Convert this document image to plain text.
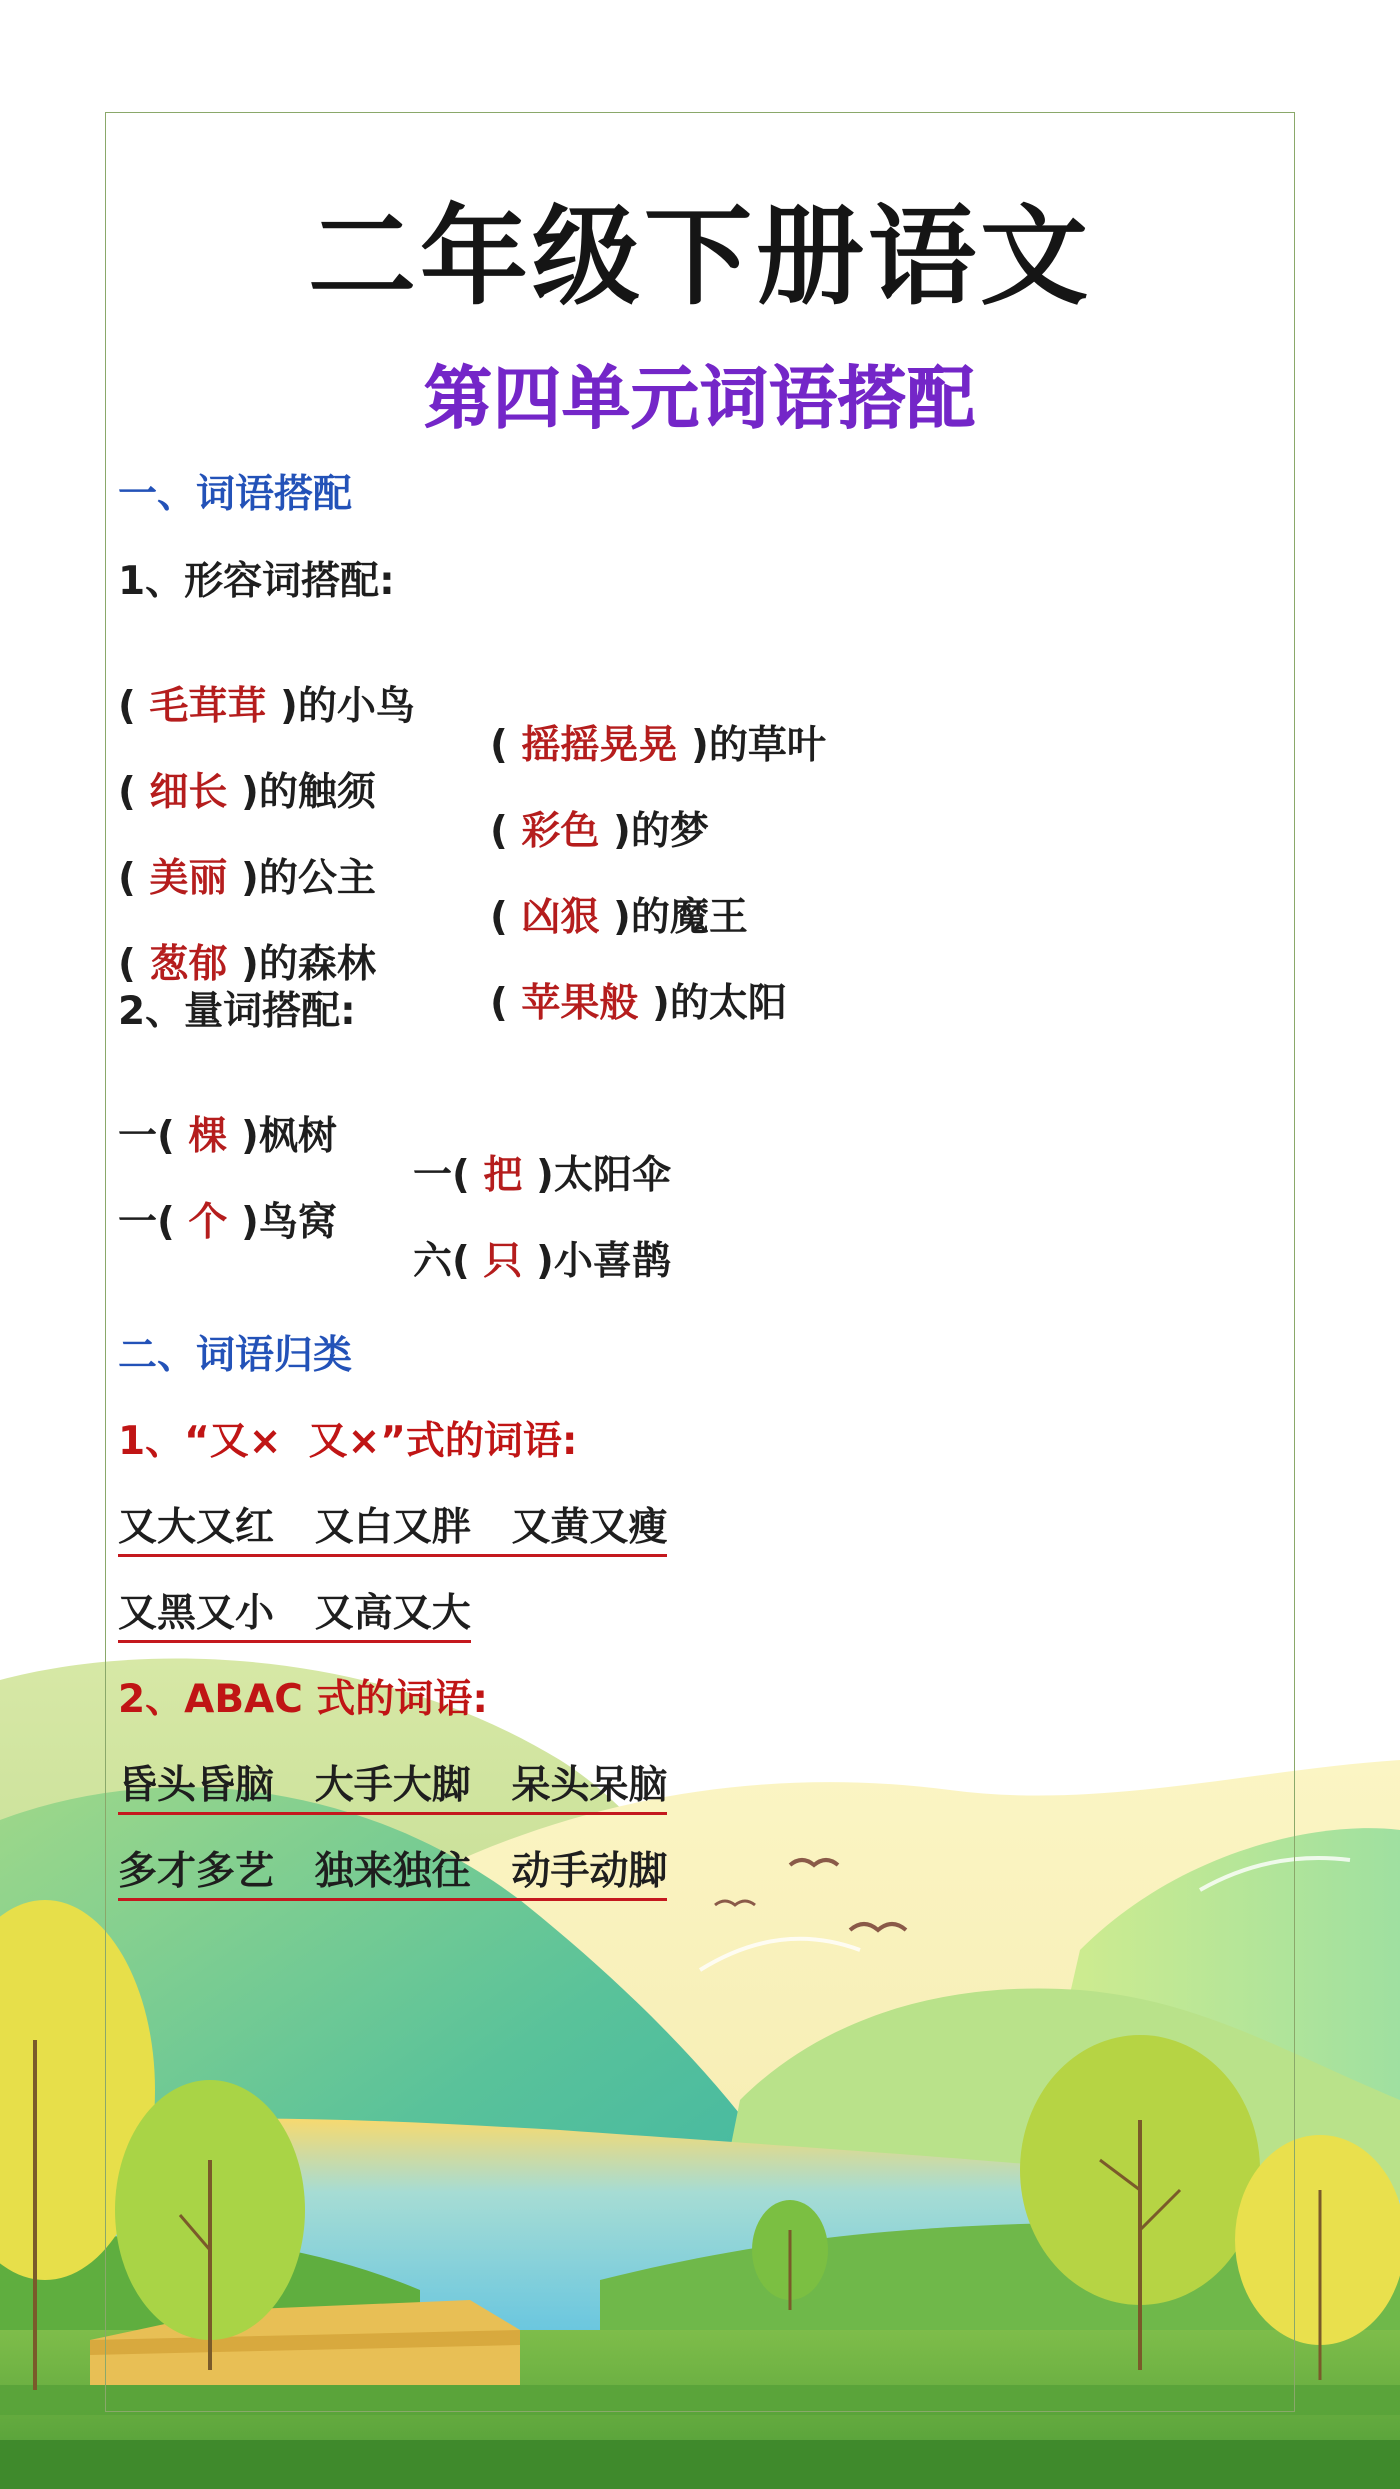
二年级下册语文
第四单元词语搭配
一、词语搭配
1、形容词搭配:

( 毛茸茸 )的小鸟

( 摇摇晃晃 )的草叶

( 细长 )的触须

( 彩色 )的梦

( 美丽 )的公主

( 凶狠 )的魔王

( 葱郁 )的森林

( 苹果般 )的太阳

2、量词搭配:

一( 棵 )枫树

一( 把 )太阳伞

一( 个 )鸟窝

六( 只 )小喜鹊

二、词语归类
1、“又×  又×”式的词语:
又大又红   又白又胖   又黄又瘦
又黑又小   又高又大
2、ABAC 式的词语:
昏头昏脑   大手大脚   呆头呆脑
多才多艺   独来独往   动手动脚
